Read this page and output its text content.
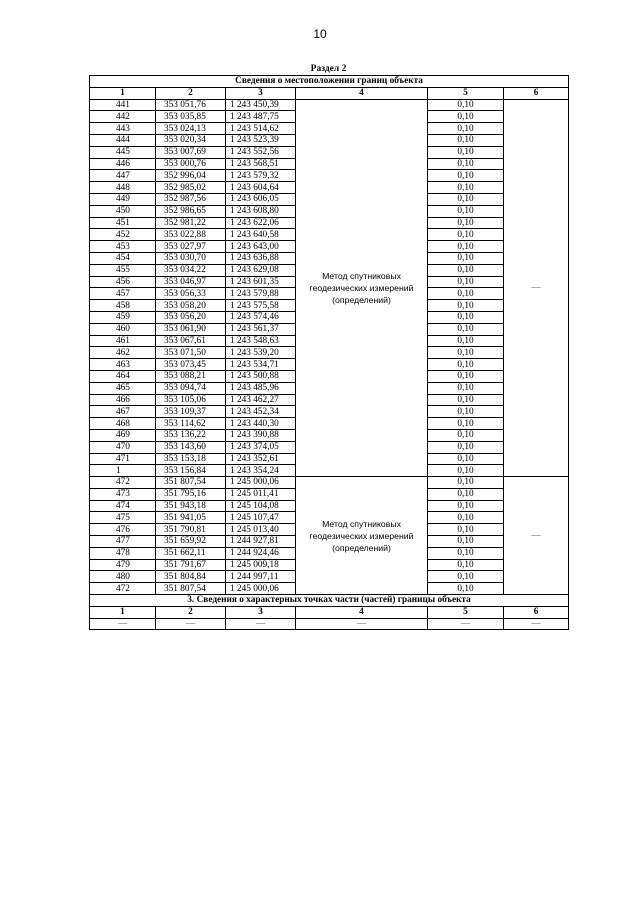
10
Раздел 2
Сведения о местоположении границ объекта					
1	2	3	4	5	6
441	353 051,76	1 243 450,39	Метод спутниковых геодезических измерений (определений)	0,10	—
442	353 035,85	1 243 487,75		0,10	
443	353 024,13	1 243 514,62		0,10	
444	353 020,34	1 243 523,39		0,10	
445	353 007,69	1 243 552,56		0,10	
446	353 000,76	1 243 568,51		0,10	
447	352 996,04	1 243 579,32		0,10	
448	352 985,02	1 243 604,64		0,10	
449	352 987,56	1 243 606,05		0,10	
450	352 986,65	1 243 608,80		0,10	
451	352 981,22	1 243 622,06		0,10	
452	353 022,88	1 243 640,58		0,10	
453	353 027,97	1 243 643,00		0,10	
454	353 030,70	1 243 636,88		0,10	
455	353 034,22	1 243 629,08		0,10	
456	353 046,97	1 243 601,35		0,10	
457	353 056,33	1 243 579,88		0,10	
458	353 058,20	1 243 575,58		0,10	
459	353 056,20	1 243 574,46		0,10	
460	353 061,90	1 243 561,37		0,10	
461	353 067,61	1 243 548,63		0,10	
462	353 071,50	1 243 539,20		0,10	
463	353 073,45	1 243 534,71		0,10	
464	353 088,21	1 243 500,88		0,10	
465	353 094,74	1 243 485,96		0,10	
466	353 105,06	1 243 462,27		0,10	
467	353 109,37	1 243 452,34		0,10	
468	353 114,62	1 243 440,30		0,10	
469	353 136,22	1 243 390,88		0,10	
470	353 143,60	1 243 374,05		0,10	
471	353 153,18	1 243 352,61		0,10	
1	353 156,84	1 243 354,24		0,10	
472	351 807,54	1 245 000,06	Метод спутниковых геодезических измерений (определений)	0,10	—
473	351 795,16	1 245 011,41		0,10	
474	351 943,18	1 245 104,08		0,10	
475	351 941,05	1 245 107,47		0,10	
476	351 790,81	1 245 013,40		0,10	
477	351 659,92	1 244 927,81		0,10	
478	351 662,11	1 244 924,46		0,10	
479	351 791,67	1 245 009,18		0,10	
480	351 804,84	1 244 997,11		0,10	
472	351 807,54	1 245 000,06		0,10	
3. Сведения о характерных точках части (частей) границы объекта					
1	2	3	4	5	6
—	—	—	—	—	—
